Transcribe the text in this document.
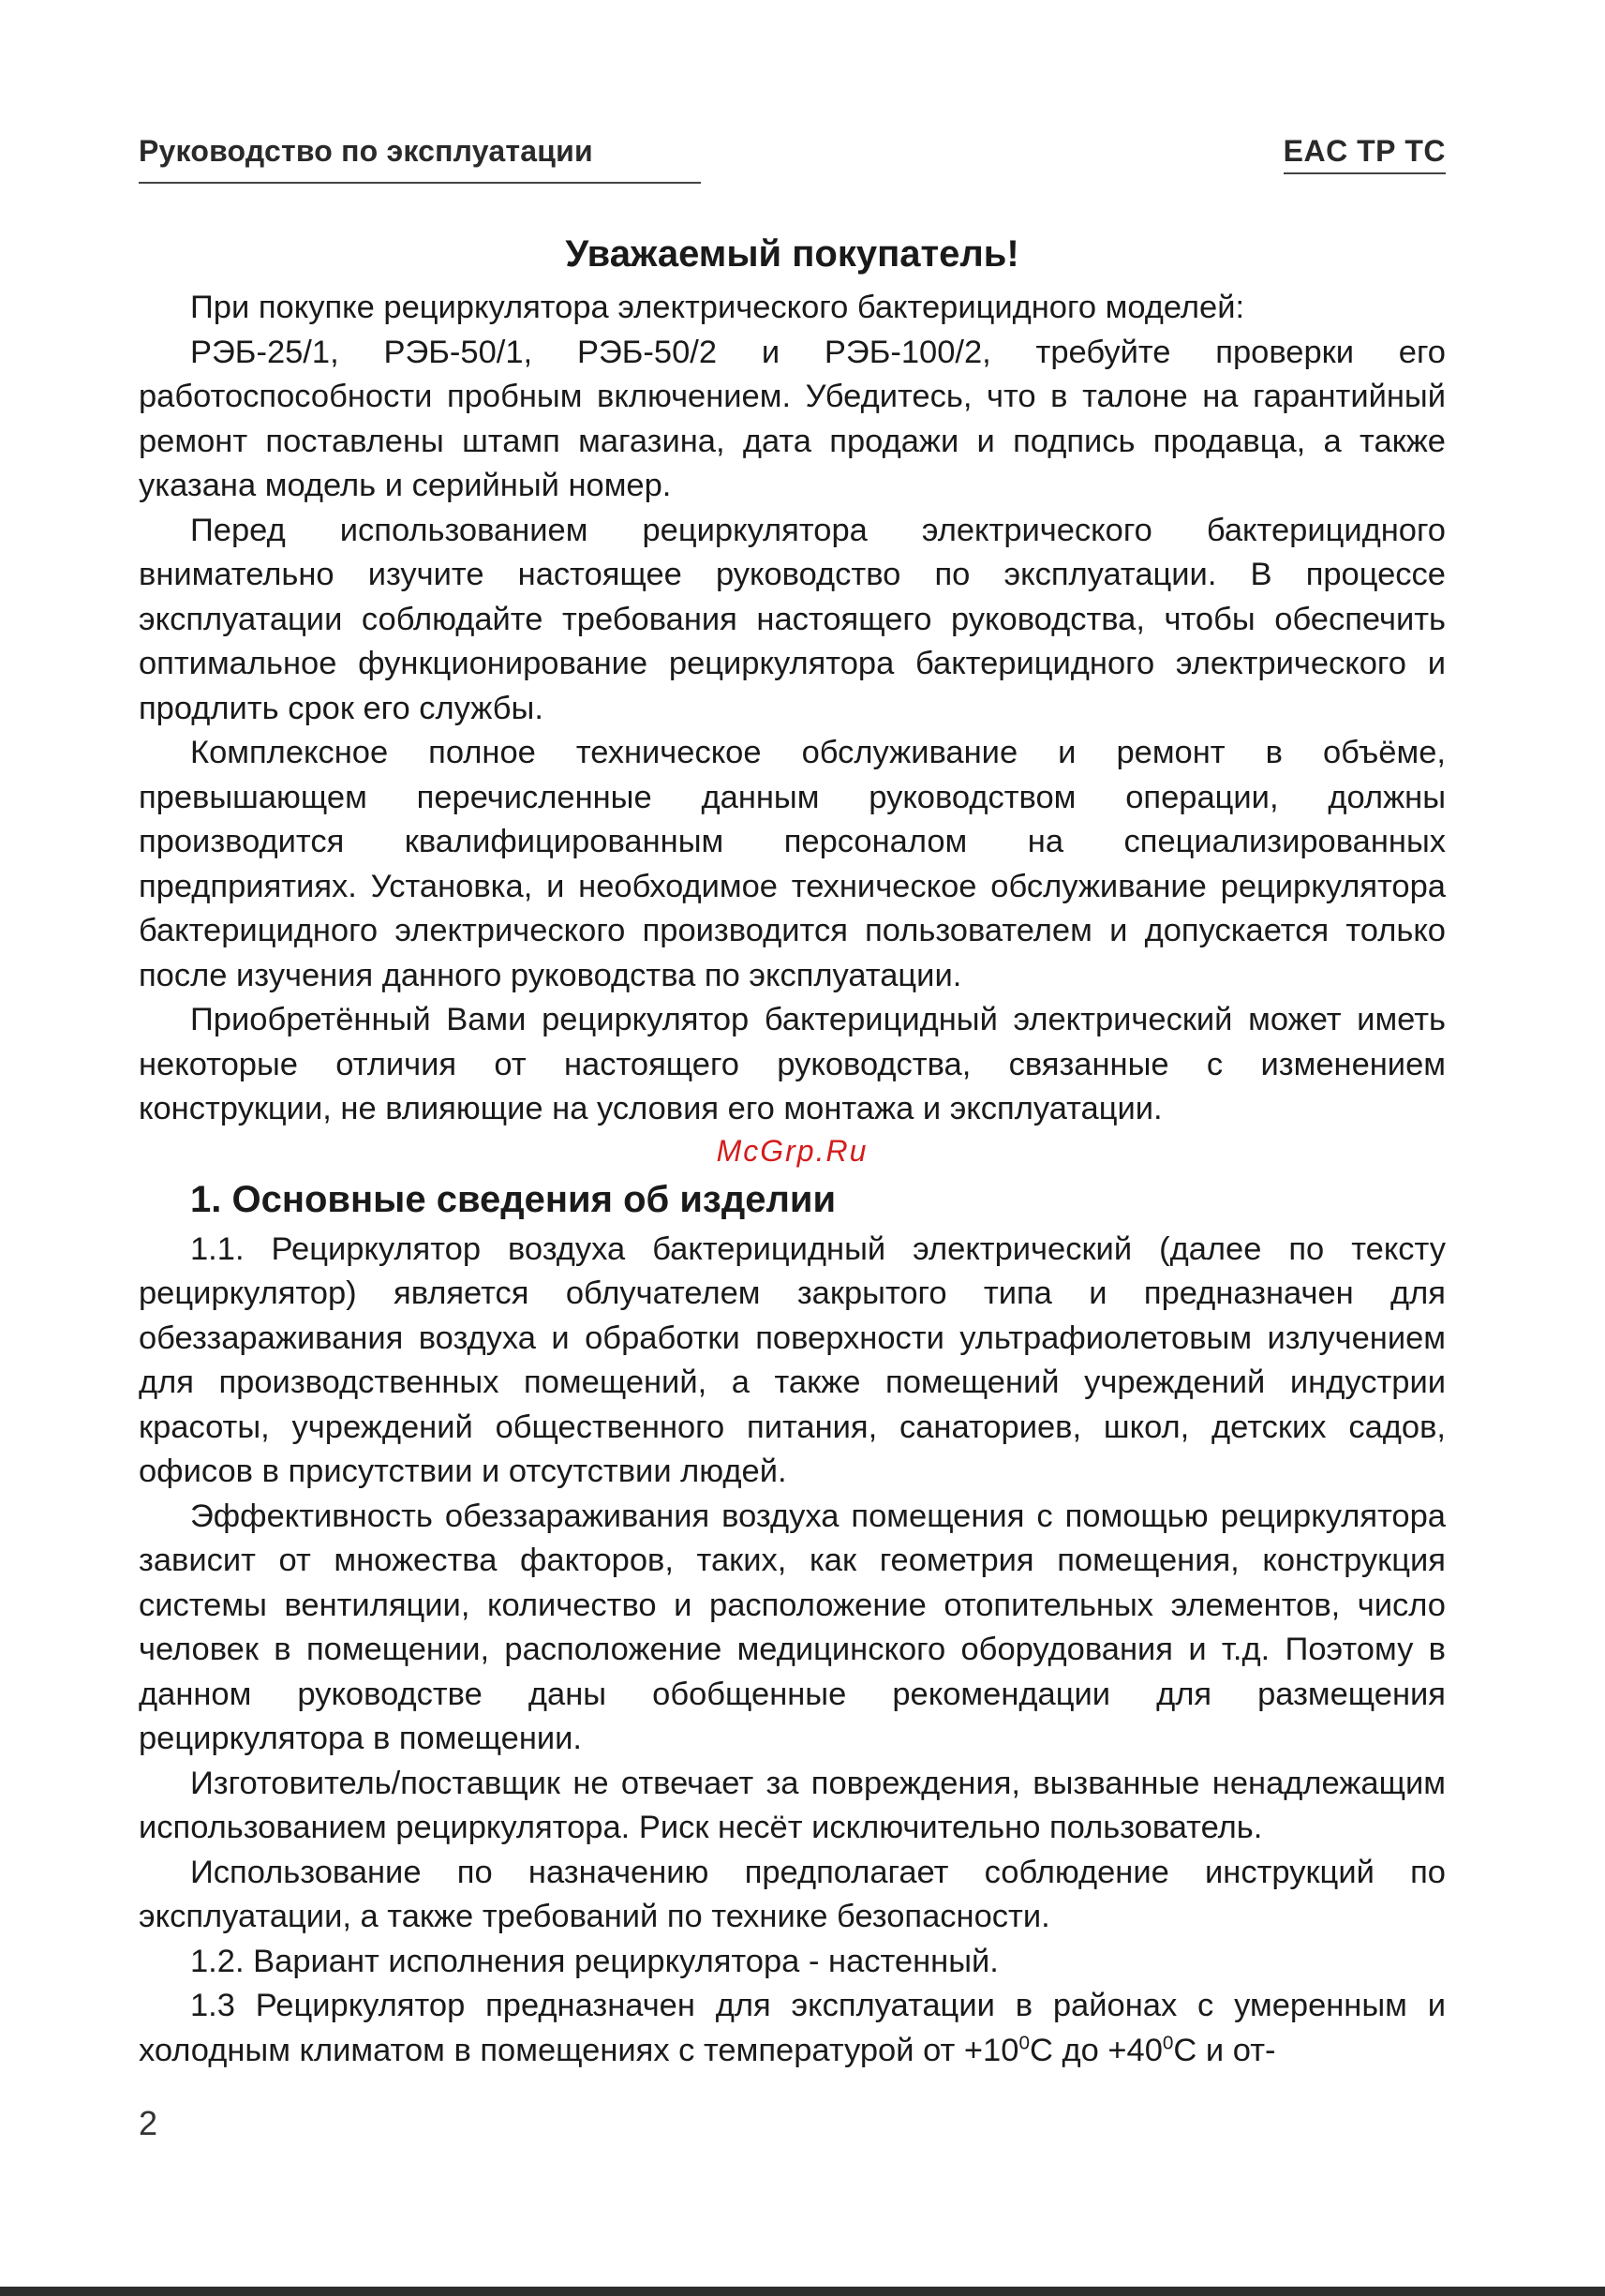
Руководство по эксплуатации	EAC ТР ТС
Уважаемый покупатель!

При покупке рециркулятора электрического бактерицидного моделей:

РЭБ-25/1, РЭБ-50/1, РЭБ-50/2 и РЭБ-100/2, требуйте проверки его работоспособности пробным включением. Убедитесь, что в талоне на гарантийный ремонт поставлены штамп магазина, дата продажи и подпись продавца, а также указана модель и серийный номер.

Перед использованием рециркулятора электрического бактерицидного внимательно изучите настоящее руководство по эксплуатации. В процессе эксплуатации соблюдайте требования настоящего руководства, чтобы обеспечить оптимальное функционирование рециркулятора бактерицидного электрического и продлить срок его службы.

Комплексное полное техническое обслуживание и ремонт в объёме, превышающем перечисленные данным руководством операции, должны производится квалифицированным персоналом на специализированных предприятиях. Установка, и необходимое техническое обслуживание рециркулятора бактерицидного электрического производится пользователем и допускается только после изучения данного руководства по эксплуатации.

Приобретённый Вами рециркулятор бактерицидный электрический может иметь некоторые отличия от настоящего руководства, связанные с изменением конструкции, не влияющие на условия его монтажа и эксплуатации.

McGrp.Ru
1. Основные сведения об изделии

1.1. Рециркулятор воздуха бактерицидный электрический (далее по тексту рециркулятор) является облучателем закрытого типа и предназначен для обеззараживания воздуха и обработки поверхности ультрафиолетовым излучением для производственных помещений, а также помещений учреждений индустрии красоты, учреждений общественного питания, санаториев, школ, детских садов, офисов в присутствии и отсутствии людей.

Эффективность обеззараживания воздуха помещения с помощью рециркулятора зависит от множества факторов, таких, как геометрия помещения, конструкция системы вентиляции, количество и расположение отопительных элементов, число человек в помещении, расположение медицинского оборудования и т.д. Поэтому в данном руководстве даны обобщенные рекомендации для размещения рециркулятора в помещении.

Изготовитель/поставщик не отвечает за повреждения, вызванные ненадлежащим использованием рециркулятора. Риск несёт исключительно пользователь.

Использование по назначению предполагает соблюдение инструкций по эксплуатации, а также требований по технике безопасности.

1.2. Вариант исполнения рециркулятора - настенный.

1.3 Рециркулятор предназначен для эксплуатации в районах с умеренным и холодным климатом в помещениях с температурой от $+10^0С$ до $+40^0С$ и от-

2
